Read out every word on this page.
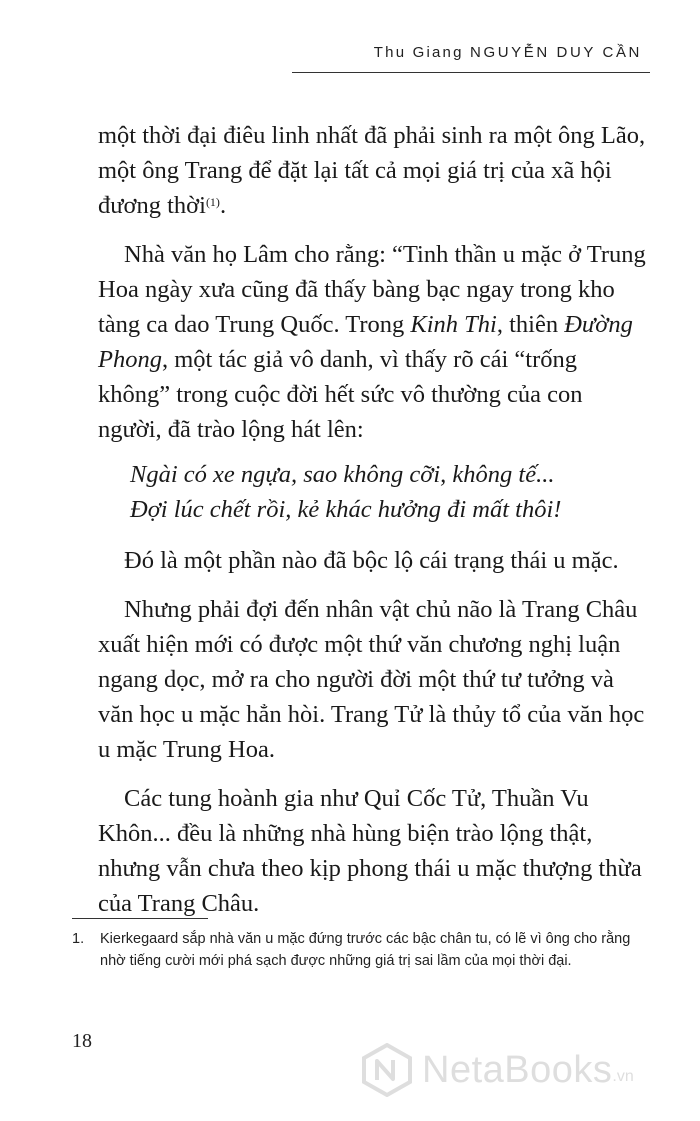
Thu Giang NGUYỄN DUY CẦN

một thời đại điêu linh nhất đã phải sinh ra một ông Lão, một ông Trang để đặt lại tất cả mọi giá trị của xã hội đương thời$^{(1)}$.

Nhà văn họ Lâm cho rằng: “Tinh thần u mặc ở Trung Hoa ngày xưa cũng đã thấy bàng bạc ngay trong kho tàng ca dao Trung Quốc. Trong Kinh Thi, thiên Đường Phong, một tác giả vô danh, vì thấy rõ cái “trống không” trong cuộc đời hết sức vô thường của con người, đã trào lộng hát lên:

Ngài có xe ngựa, sao không cỡi, không tế...
Đợi lúc chết rồi, kẻ khác hưởng đi mất thôi!

Đó là một phần nào đã bộc lộ cái trạng thái u mặc.

Nhưng phải đợi đến nhân vật chủ não là Trang Châu xuất hiện mới có được một thứ văn chương nghị luận ngang dọc, mở ra cho người đời một thứ tư tưởng và văn học u mặc hẳn hòi. Trang Tử là thủy tổ của văn học u mặc Trung Hoa.

Các tung hoành gia như Quỉ Cốc Tử, Thuần Vu Khôn... đều là những nhà hùng biện trào lộng thật, nhưng vẫn chưa theo kịp phong thái u mặc thượng thừa của Trang Châu.

1.	Kierkegaard sắp nhà văn u mặc đứng trước các bậc chân tu, có lẽ vì ông cho rằng nhờ tiếng cười mới phá sạch được những giá trị sai lầm của mọi thời đại.
18
NetaBooks .vn
